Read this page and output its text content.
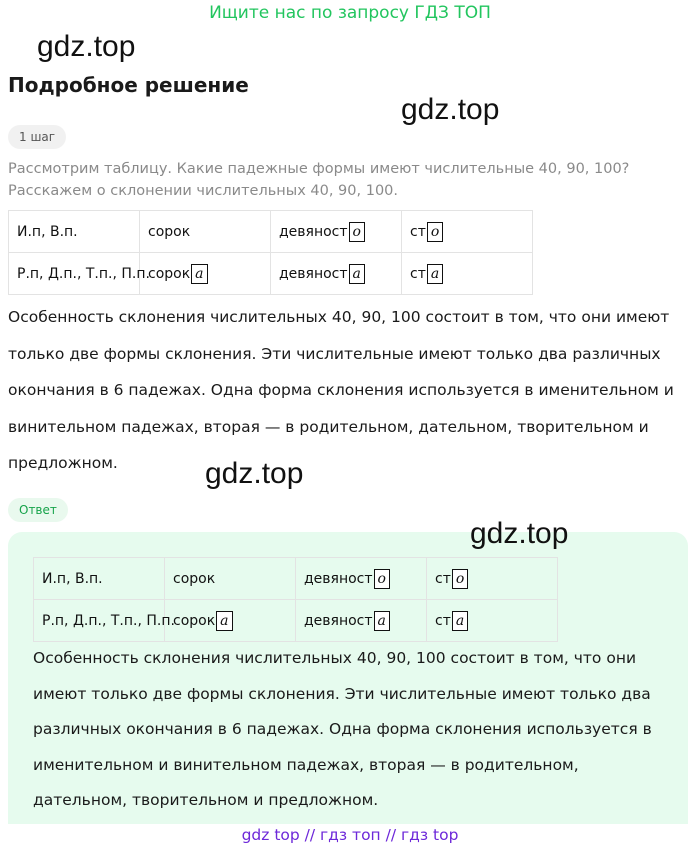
Ищите нас по запросу ГДЗ ТОП
gdz.top
Подробное решение
gdz.top
1 шаг

Рассмотрим таблицу. Какие падежные формы имеют числительные 40, 90, 100?

Расскажем о склонении числительных 40, 90, 100.

И.п, В.п.	сорок	девяност о	ст о
Р.п, Д.п., Т.п., П.п.	сорок а	девяност а	ст а

Особенность склонения числительных 40, 90, 100 состоит в том, что они имеют только две формы склонения. Эти числительные имеют только два различных окончания в 6 падежах. Одна форма склонения используется в именительном и винительном падежах, вторая — в родительном, дательном, творительном и предложном.	gdz.top
Ответ
gdz.top
И.п, В.п.	сорок	девяност о	ст о
Р.п, Д.п., Т.п., П.п.	сорок а	девяност а	ст а

Особенность склонения числительных 40, 90, 100 состоит в том, что они имеют только две формы склонения. Эти числительные имеют только два различных окончания в 6 падежах. Одна форма склонения используется в именительном и винительном падежах, вторая — в родительном, дательном, творительном и предложном.

gdz top // гдз топ // гдз top
